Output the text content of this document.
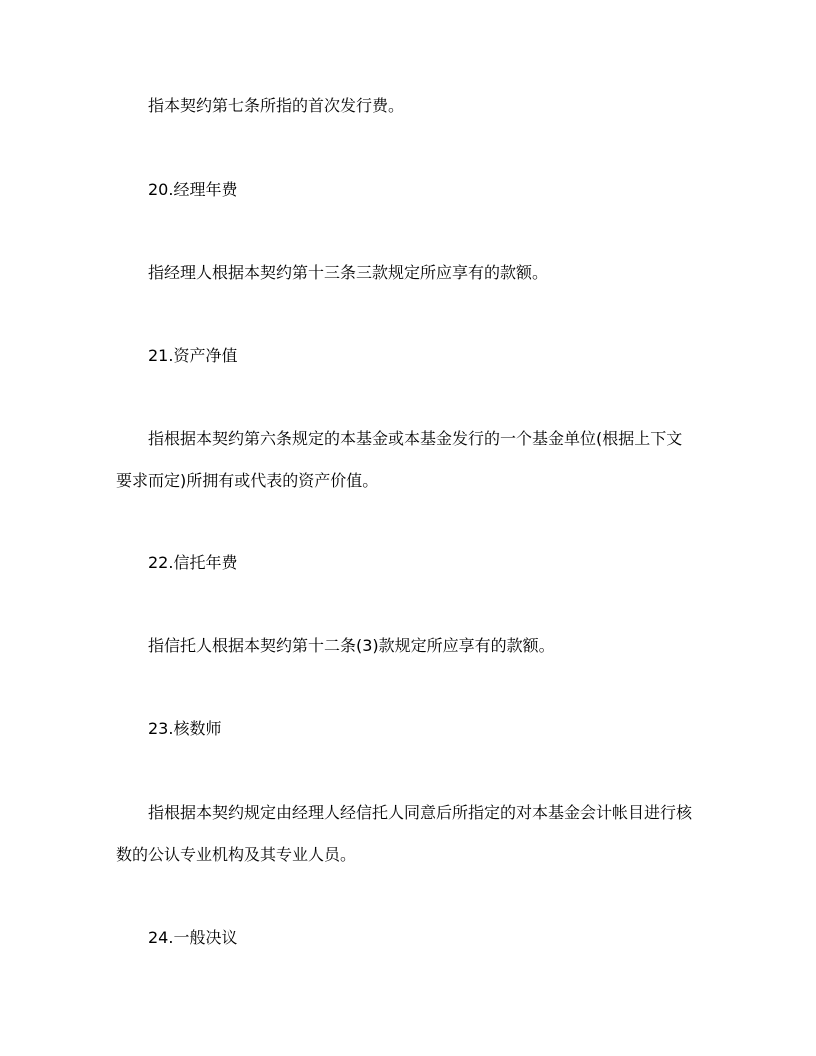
指本契约第七条所指的首次发行费。
20.经理年费
指经理人根据本契约第十三条三款规定所应享有的款额。
21.资产净值
指根据本契约第六条规定的本基金或本基金发行的一个基金单位(根据上下文
要求而定)所拥有或代表的资产价值。
22.信托年费
指信托人根据本契约第十二条(3)款规定所应享有的款额。
23.核数师
指根据本契约规定由经理人经信托人同意后所指定的对本基金会计帐目进行核
数的公认专业机构及其专业人员。
24.一般决议
